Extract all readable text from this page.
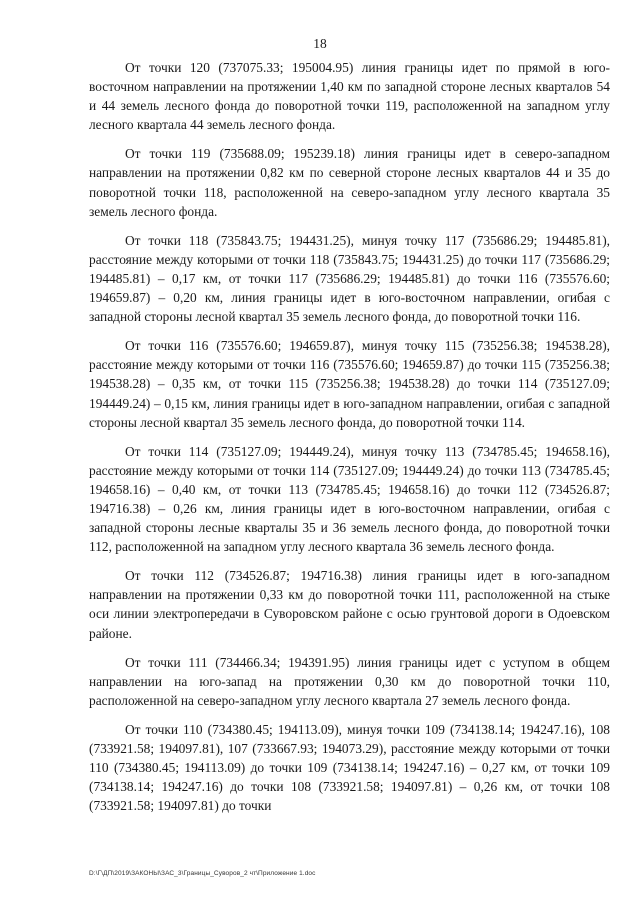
18

От точки 120 (737075.33; 195004.95) линия границы идет по прямой в юго-восточном направлении на протяжении 1,40 км по западной стороне лесных кварталов 54 и 44 земель лесного фонда до поворотной точки 119, расположенной на западном углу лесного квартала 44 земель лесного фонда.

От точки 119 (735688.09; 195239.18) линия границы идет в северо-западном направлении на протяжении 0,82 км по северной стороне лесных кварталов 44 и 35 до поворотной точки 118, расположенной на северо-западном углу лесного квартала 35 земель лесного фонда.

От точки 118 (735843.75; 194431.25), минуя точку 117 (735686.29; 194485.81), расстояние между которыми от точки 118 (735843.75; 194431.25) до точки 117 (735686.29; 194485.81) – 0,17 км, от точки 117 (735686.29; 194485.81) до точки 116 (735576.60; 194659.87) – 0,20 км, линия границы идет в юго-восточном направлении, огибая с западной стороны лесной квартал 35 земель лесного фонда, до поворотной точки 116.

От точки 116 (735576.60; 194659.87), минуя точку 115 (735256.38; 194538.28), расстояние между которыми от точки 116 (735576.60; 194659.87) до точки 115 (735256.38; 194538.28) – 0,35 км, от точки 115 (735256.38; 194538.28) до точки 114 (735127.09; 194449.24) – 0,15 км, линия границы идет в юго-западном направлении, огибая с западной стороны лесной квартал 35 земель лесного фонда, до поворотной точки 114.

От точки 114 (735127.09; 194449.24), минуя точку 113 (734785.45; 194658.16), расстояние между которыми от точки 114 (735127.09; 194449.24) до точки 113 (734785.45; 194658.16) – 0,40 км, от точки 113 (734785.45; 194658.16) до точки 112 (734526.87; 194716.38) – 0,26 км, линия границы идет в юго-восточном направлении, огибая с западной стороны лесные кварталы 35 и 36 земель лесного фонда, до поворотной точки 112, расположенной на западном углу лесного квартала 36 земель лесного фонда.

От точки 112 (734526.87; 194716.38) линия границы идет в юго-западном направлении на протяжении 0,33 км до поворотной точки 111, расположенной на стыке оси линии электропередачи в Суворовском районе с осью грунтовой дороги в Одоевском районе.

От точки 111 (734466.34; 194391.95) линия границы идет с уступом в общем направлении на юго-запад на протяжении 0,30 км до поворотной точки 110, расположенной на северо-западном углу лесного квартала 27 земель лесного фонда.

От точки 110 (734380.45; 194113.09), минуя точки 109 (734138.14; 194247.16), 108 (733921.58; 194097.81), 107 (733667.93; 194073.29), расстояние между которыми от точки 110 (734380.45; 194113.09) до точки 109 (734138.14; 194247.16) – 0,27 км, от точки 109 (734138.14; 194247.16) до точки 108 (733921.58; 194097.81) – 0,26 км, от точки 108 (733921.58; 194097.81) до точки

D:\Г\ДП\2019\ЗАКОНЫ\ЗАС_3\Границы_Суворов_2 чт\Приложение 1.doc
